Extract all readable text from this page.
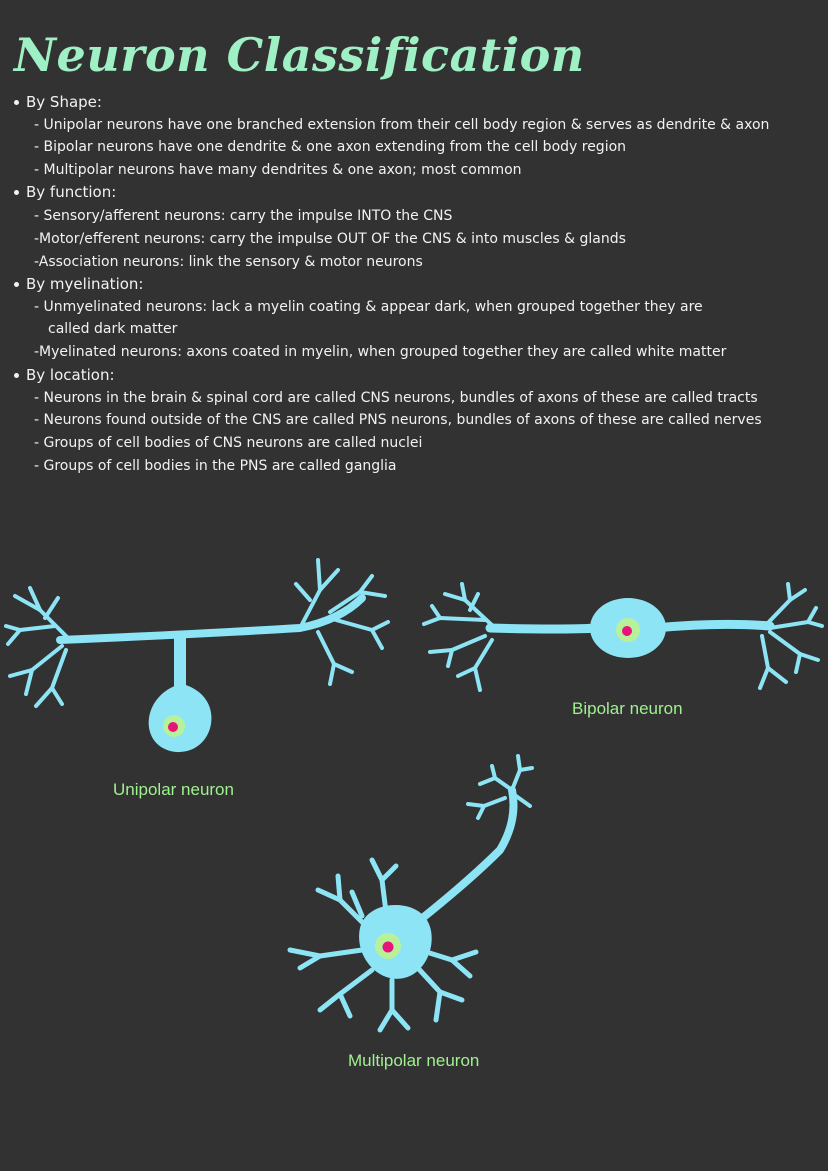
Neuron Classification
By Shape:
- Unipolar neurons have one branched extension from their cell body region & serves as dendrite & axon
- Bipolar neurons have one dendrite & one axon extending from the cell body region
- Multipolar neurons have many dendrites & one axon; most common
By function:
- Sensory/afferent neurons: carry the impulse INTO the CNS
-Motor/efferent neurons: carry the impulse OUT OF the CNS & into muscles & glands
-Association neurons: link the sensory & motor neurons
By myelination:
- Unmyelinated neurons: lack a myelin coating & appear dark, when grouped together they are
called dark matter
-Myelinated neurons: axons coated in myelin, when grouped together they are called white matter
By location:
- Neurons in the brain & spinal cord are called CNS neurons, bundles of axons of these are called tracts
- Neurons found outside of the CNS are called PNS neurons, bundles of axons of these are called nerves
- Groups of cell bodies of CNS neurons are called nuclei
- Groups of cell bodies in the PNS are called ganglia
Unipolar neuron
Bipolar neuron
Multipolar neuron
